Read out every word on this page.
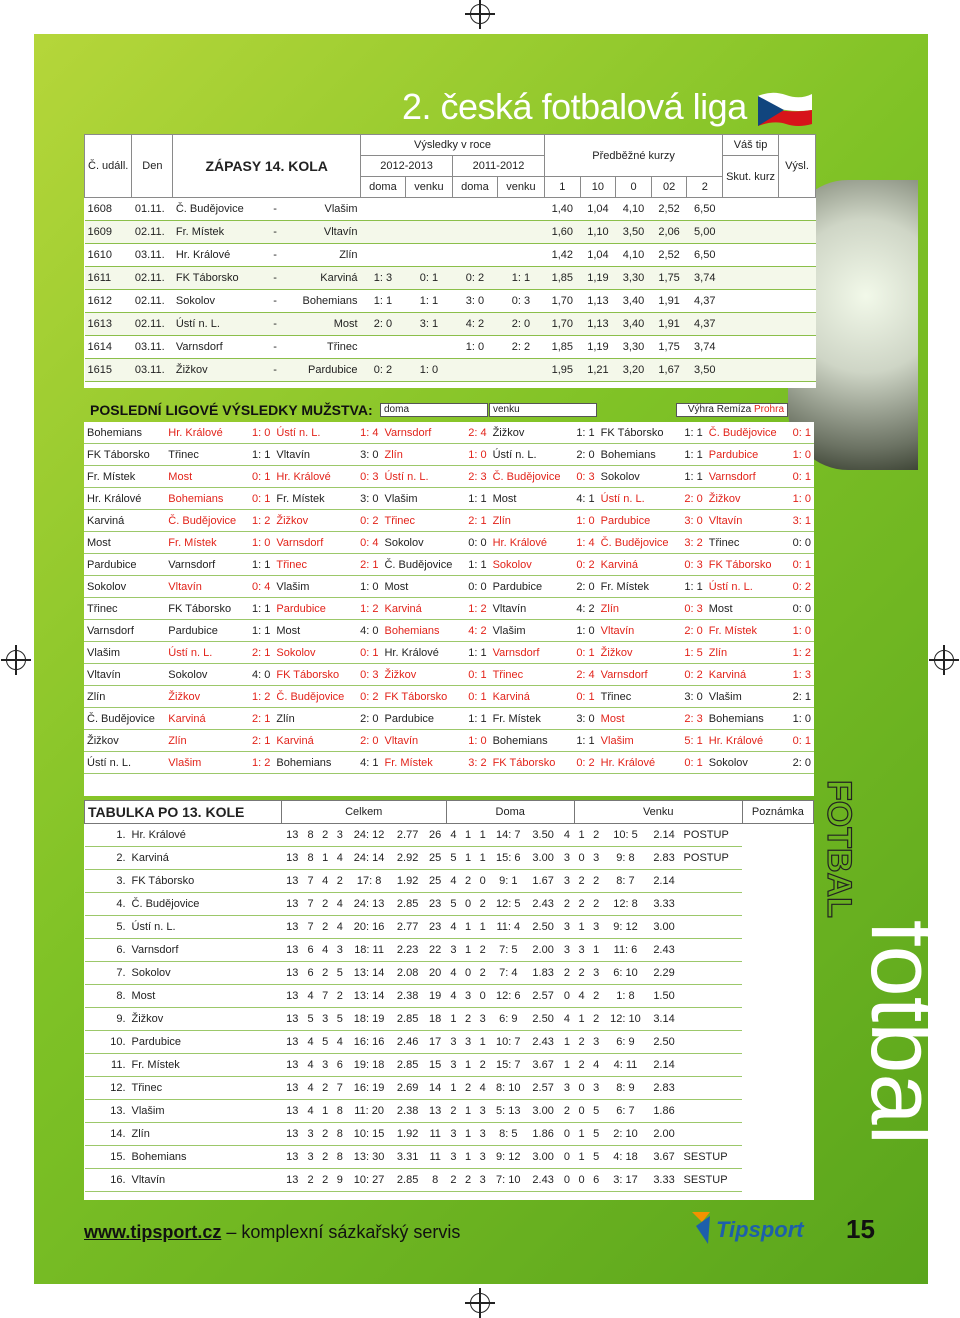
2. česká fotbalová liga
Č. událl.	Den	ZÁPASY 14. KOLA			Výsledky v roce				Předběžné kurzy					Váš tip	Výsl.
					2012-2013		2011-2012							Skut. kurz	
					doma	venku	doma	venku	1	10	0	02	2		
1608	01.11.	Č. Budějovice	-	Vlašim					1,40	1,04	4,10	2,52	6,50		
1609	02.11.	Fr. Místek	-	Vltavín					1,60	1,10	3,50	2,06	5,00		
1610	03.11.	Hr. Králové	-	Zlín					1,42	1,04	4,10	2,52	6,50		
1611	02.11.	FK Táborsko	-	Karviná	1: 3	0: 1	0: 2	1: 1	1,85	1,19	3,30	1,75	3,74		
1612	02.11.	Sokolov	-	Bohemians	1: 1	1: 1	3: 0	0: 3	1,70	1,13	3,40	1,91	4,37		
1613	02.11.	Ústí n. L.	-	Most	2: 0	3: 1	4: 2	2: 0	1,70	1,13	3,40	1,91	4,37		
1614	03.11.	Varnsdorf	-	Třinec			1: 0	2: 2	1,85	1,19	3,30	1,75	3,74		
1615	03.11.	Žižkov	-	Pardubice	0: 2	1: 0			1,95	1,21	3,20	1,67	3,50		
POSLEDNÍ LIGOVÉ VÝSLEDKY MUŽSTVA:	doma	venku	Výhra Remíza Prohra
Bohemians	Hr. Králové	1: 0	Ústí n. L.	1: 4	Varnsdorf	2: 4	Žižkov	1: 1	FK Táborsko	1: 1	Č. Budějovice	0: 1
FK Táborsko	Třinec	1: 1	Vltavín	3: 0	Zlín	1: 0	Ústí n. L.	2: 0	Bohemians	1: 1	Pardubice	1: 0
Fr. Místek	Most	0: 1	Hr. Králové	0: 3	Ústí n. L.	2: 3	Č. Budějovice	0: 3	Sokolov	1: 1	Varnsdorf	0: 1
Hr. Králové	Bohemians	0: 1	Fr. Místek	3: 0	Vlašim	1: 1	Most	4: 1	Ústí n. L.	2: 0	Žižkov	1: 0
Karviná	Č. Budějovice	1: 2	Žižkov	0: 2	Třinec	2: 1	Zlín	1: 0	Pardubice	3: 0	Vltavín	3: 1
Most	Fr. Místek	1: 0	Varnsdorf	0: 4	Sokolov	0: 0	Hr. Králové	1: 4	Č. Budějovice	3: 2	Třinec	0: 0
Pardubice	Varnsdorf	1: 1	Třinec	2: 1	Č. Budějovice	1: 1	Sokolov	0: 2	Karviná	0: 3	FK Táborsko	0: 1
Sokolov	Vltavín	0: 4	Vlašim	1: 0	Most	0: 0	Pardubice	2: 0	Fr. Místek	1: 1	Ústí n. L.	0: 2
Třinec	FK Táborsko	1: 1	Pardubice	1: 2	Karviná	1: 2	Vltavín	4: 2	Zlín	0: 3	Most	0: 0
Varnsdorf	Pardubice	1: 1	Most	4: 0	Bohemians	4: 2	Vlašim	1: 0	Vltavín	2: 0	Fr. Místek	1: 0
Vlašim	Ústí n. L.	2: 1	Sokolov	0: 1	Hr. Králové	1: 1	Varnsdorf	0: 1	Žižkov	1: 5	Zlín	1: 2
Vltavín	Sokolov	4: 0	FK Táborsko	0: 3	Žižkov	0: 1	Třinec	2: 4	Varnsdorf	0: 2	Karviná	1: 3
Zlín	Žižkov	1: 2	Č. Budějovice	0: 2	FK Táborsko	0: 1	Karviná	0: 1	Třinec	3: 0	Vlašim	2: 1
Č. Budějovice	Karviná	2: 1	Zlín	2: 0	Pardubice	1: 1	Fr. Místek	3: 0	Most	2: 3	Bohemians	1: 0
Žižkov	Zlín	2: 1	Karviná	2: 0	Vltavín	1: 0	Bohemians	1: 1	Vlašim	5: 1	Hr. Králové	0: 1
Ústí n. L.	Vlašim	1: 2	Bohemians	4: 1	Fr. Místek	3: 2	FK Táborsko	0: 2	Hr. Králové	0: 1	Sokolov	2: 0
TABULKA PO 13. KOLE		Celkem							Doma						Venku					Poznámka
1.	Hr. Králové	13	8	2	3	24: 12	2.77	26	4	1	1	14: 7	3.50	4	1	2	10: 5	2.14	POSTUP	
2.	Karviná	13	8	1	4	24: 14	2.92	25	5	1	1	15: 6	3.00	3	0	3	9: 8	2.83	POSTUP	
3.	FK Táborsko	13	7	4	2	17: 8	1.92	25	4	2	0	9: 1	1.67	3	2	2	8: 7	2.14		
4.	Č. Budějovice	13	7	2	4	24: 13	2.85	23	5	0	2	12: 5	2.43	2	2	2	12: 8	3.33		
5.	Ústí n. L.	13	7	2	4	20: 16	2.77	23	4	1	1	11: 4	2.50	3	1	3	9: 12	3.00		
6.	Varnsdorf	13	6	4	3	18: 11	2.23	22	3	1	2	7: 5	2.00	3	3	1	11: 6	2.43		
7.	Sokolov	13	6	2	5	13: 14	2.08	20	4	0	2	7: 4	1.83	2	2	3	6: 10	2.29		
8.	Most	13	4	7	2	13: 14	2.38	19	4	3	0	12: 6	2.57	0	4	2	1: 8	1.50		
9.	Žižkov	13	5	3	5	18: 19	2.85	18	1	2	3	6: 9	2.50	4	1	2	12: 10	3.14		
10.	Pardubice	13	4	5	4	16: 16	2.46	17	3	3	1	10: 7	2.43	1	2	3	6: 9	2.50		
11.	Fr. Místek	13	4	3	6	19: 18	2.85	15	3	1	2	15: 7	3.67	1	2	4	4: 11	2.14		
12.	Třinec	13	4	2	7	16: 19	2.69	14	1	2	4	8: 10	2.57	3	0	3	8: 9	2.83		
13.	Vlašim	13	4	1	8	11: 20	2.38	13	2	1	3	5: 13	3.00	2	0	5	6: 7	1.86		
14.	Zlín	13	3	2	8	10: 15	1.92	11	3	1	3	8: 5	1.86	0	1	5	2: 10	2.00		
15.	Bohemians	13	3	2	8	13: 30	3.31	11	3	1	3	9: 12	3.00	0	1	5	4: 18	3.67	SESTUP	
16.	Vltavín	13	2	2	9	10: 27	2.85	8	2	2	3	7: 10	2.43	0	0	6	3: 17	3.33	SESTUP	
FOTBAL
fotbal
www.tipsport.cz – komplexní sázkařský servis	Tipsport 15
